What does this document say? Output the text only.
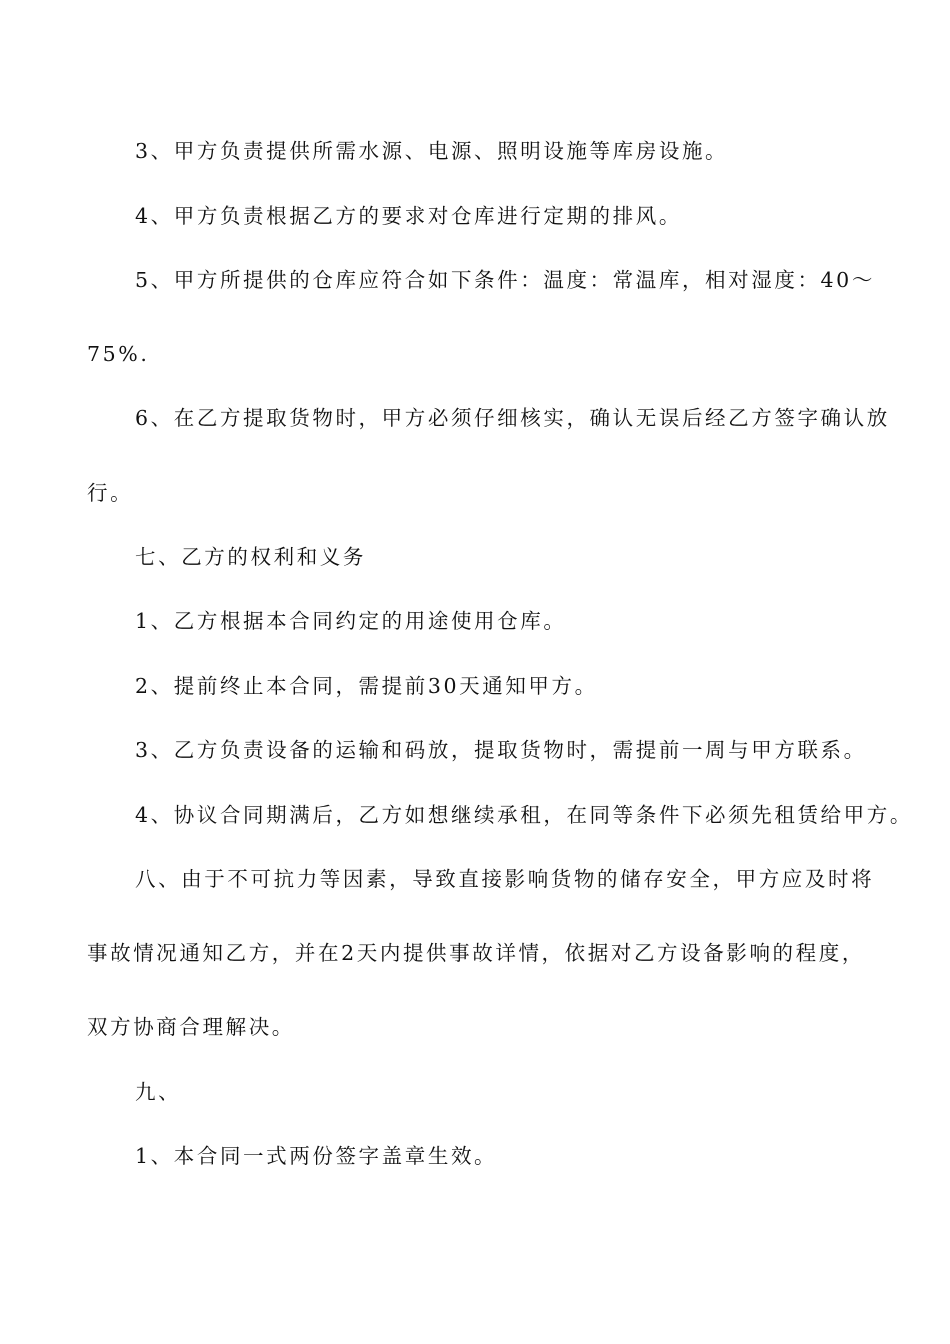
3、甲方负责提供所需水源、电源、照明设施等库房设施。
4、甲方负责根据乙方的要求对仓库进行定期的排风。
5、甲方所提供的仓库应符合如下条件：温度：常温库，相对湿度：40～
75%.
6、在乙方提取货物时，甲方必须仔细核实，确认无误后经乙方签字确认放
行。
七、乙方的权利和义务
1、乙方根据本合同约定的用途使用仓库。
2、提前终止本合同，需提前30天通知甲方。
3、乙方负责设备的运输和码放，提取货物时，需提前一周与甲方联系。
4、协议合同期满后，乙方如想继续承租，在同等条件下必须先租赁给甲方。
八、由于不可抗力等因素，导致直接影响货物的储存安全，甲方应及时将
事故情况通知乙方，并在2天内提供事故详情，依据对乙方设备影响的程度，
双方协商合理解决。
九、
1、本合同一式两份签字盖章生效。
